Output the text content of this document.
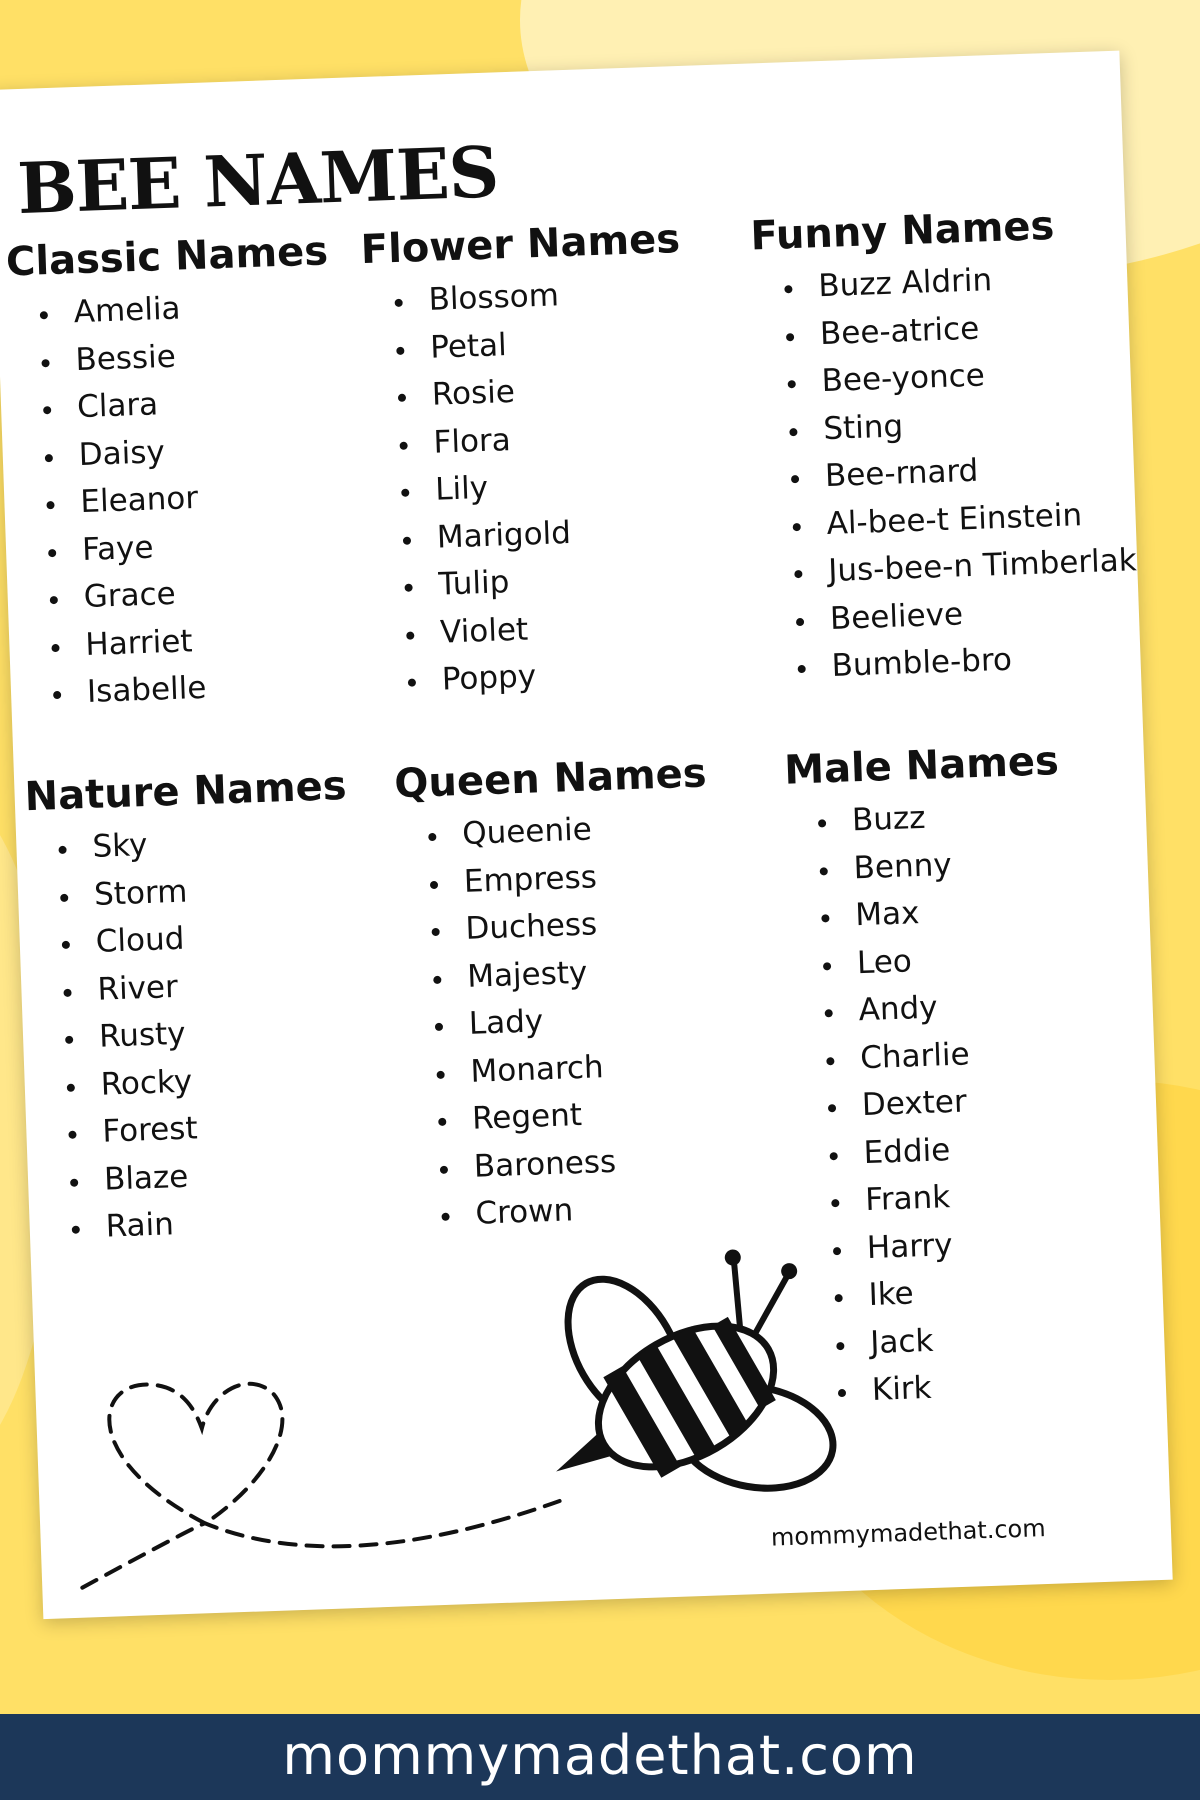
BEE NAMES
Classic Names
Amelia
Bessie
Clara
Daisy
Eleanor
Faye
Grace
Harriet
Isabelle
Flower Names
Blossom
Petal
Rosie
Flora
Lily
Marigold
Tulip
Violet
Poppy
Funny Names
Buzz Aldrin
Bee-atrice
Bee-yonce
Sting
Bee-rnard
Al-bee-t Einstein
Jus-bee-n Timberlak
Beelieve
Bumble-bro
Nature Names
Sky
Storm
Cloud
River
Rusty
Rocky
Forest
Blaze
Rain
Queen Names
Queenie
Empress
Duchess
Majesty
Lady
Monarch
Regent
Baroness
Crown
Male Names
Buzz
Benny
Max
Leo
Andy
Charlie
Dexter
Eddie
Frank
Harry
Ike
Jack
Kirk
mommymadethat.com
mommymadethat.com
